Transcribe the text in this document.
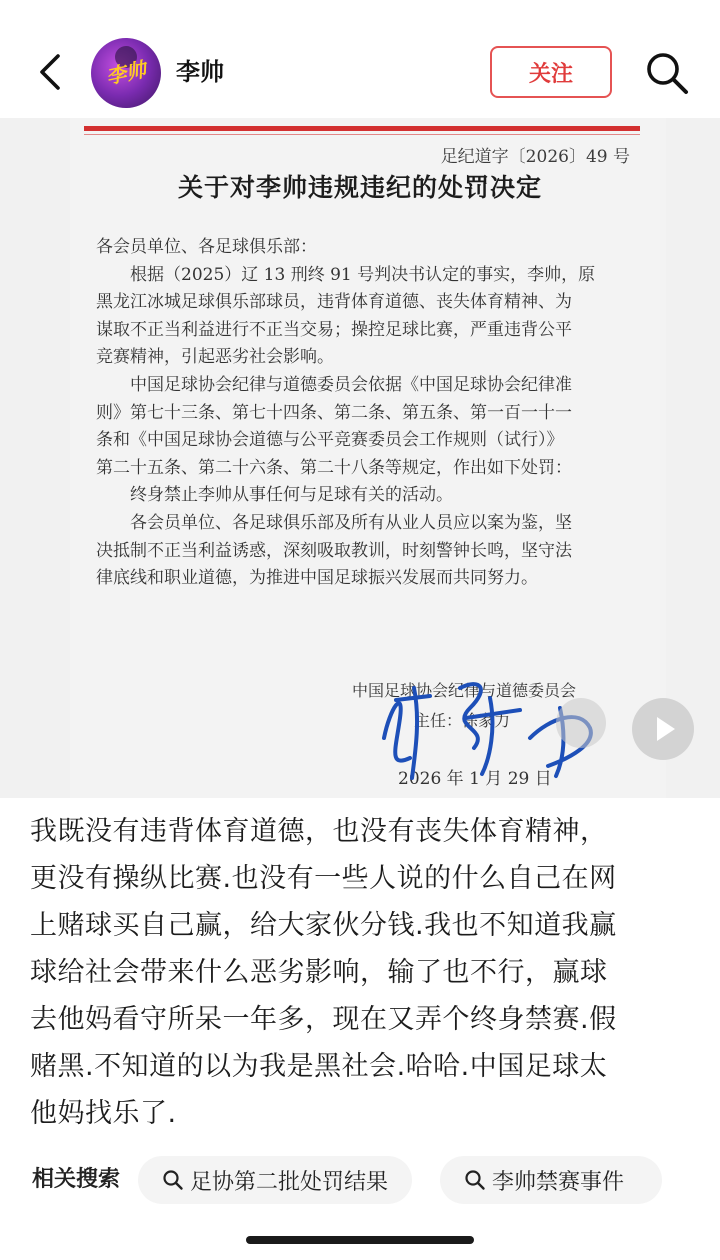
李帅 李帅	关注
足纪道字〔2026〕49 号
关于对李帅违规违纪的处罚决定
各会员单位、各足球俱乐部：
根据（2025）辽 13 刑终 91 号判决书认定的事实，李帅，原
黑龙江冰城足球俱乐部球员，违背体育道德、丧失体育精神、为
谋取不正当利益进行不正当交易；操控足球比赛，严重违背公平
竞赛精神，引起恶劣社会影响。
中国足球协会纪律与道德委员会依据《中国足球协会纪律准
则》第七十三条、第七十四条、第二条、第五条、第一百一十一
条和《中国足球协会道德与公平竞赛委员会工作规则（试行）》
第二十五条、第二十六条、第二十八条等规定，作出如下处罚：
终身禁止李帅从事任何与足球有关的活动。
各会员单位、各足球俱乐部及所有从业人员应以案为鉴，坚
决抵制不正当利益诱惑，深刻吸取教训，时刻警钟长鸣，坚守法
律底线和职业道德，为推进中国足球振兴发展而共同努力。
中国足球协会纪律与道德委员会
主任：徐家力
2026 年 1 月 29 日
我既没有违背体育道德，也没有丧失体育精神，
更没有操纵比赛.也没有一些人说的什么自己在网
上赌球买自己赢，给大家伙分钱.我也不知道我赢
球给社会带来什么恶劣影响，输了也不行，赢球
去他妈看守所呆一年多，现在又弄个终身禁赛.假
赌黑.不知道的以为我是黑社会.哈哈.中国足球太
他妈找乐了.
相关搜索	足协第二批处罚结果	李帅禁赛事件
